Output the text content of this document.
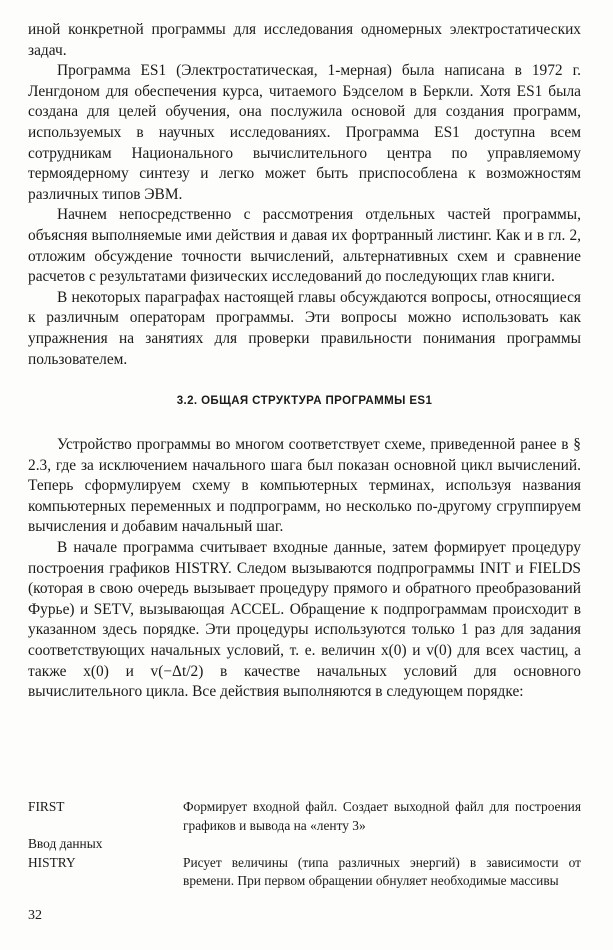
иной конкретной программы для исследования одномерных электростатических задач.

Программа ES1 (Электростатическая, 1-мерная) была написана в 1972 г. Ленгдоном для обеспечения курса, читаемого Бэдселом в Беркли. Хотя ES1 была создана для целей обучения, она послужила основой для создания программ, используемых в научных исследованиях. Программа ES1 доступна всем сотрудникам Национального вычислительного центра по управляемому термоядерному синтезу и легко может быть приспособлена к возможностям различных типов ЭВМ.

Начнем непосредственно с рассмотрения отдельных частей программы, объясняя выполняемые ими действия и давая их фортранный листинг. Как и в гл. 2, отложим обсуждение точности вычислений, альтернативных схем и сравнение расчетов с результатами физических исследований до последующих глав книги.

В некоторых параграфах настоящей главы обсуждаются вопросы, относящиеся к различным операторам программы. Эти вопросы можно использовать как упражнения на занятиях для проверки правильности понимания программы пользователем.

3.2. ОБЩАЯ СТРУКТУРА ПРОГРАММЫ ES1

Устройство программы во многом соответствует схеме, приведенной ранее в § 2.3, где за исключением начального шага был показан основной цикл вычислений. Теперь сформулируем схему в компьютерных терминах, используя названия компьютерных переменных и подпрограмм, но несколько по-другому сгруппируем вычисления и добавим начальный шаг.

В начале программа считывает входные данные, затем формирует процедуру построения графиков HISTRY. Следом вызываются подпрограммы INIT и FIELDS (которая в свою очередь вызывает процедуру прямого и обратного преобразований Фурье) и SETV, вызывающая ACCEL. Обращение к подпрограммам происходит в указанном здесь порядке. Эти процедуры используются только 1 раз для задания соответствующих начальных условий, т. е. величин x(0) и v(0) для всех частиц, а также x(0) и v(−Δt/2) в качестве начальных условий для основного вычислительного цикла. Все действия выполняются в следующем порядке:

FIRST	Формирует входной файл. Создает выходной файл для построения графиков и вывода на «ленту 3»
Ввод данных
HISTRY	Рисует величины (типа различных энергий) в зависимости от времени. При первом обращении обнуляет необходимые массивы
32
